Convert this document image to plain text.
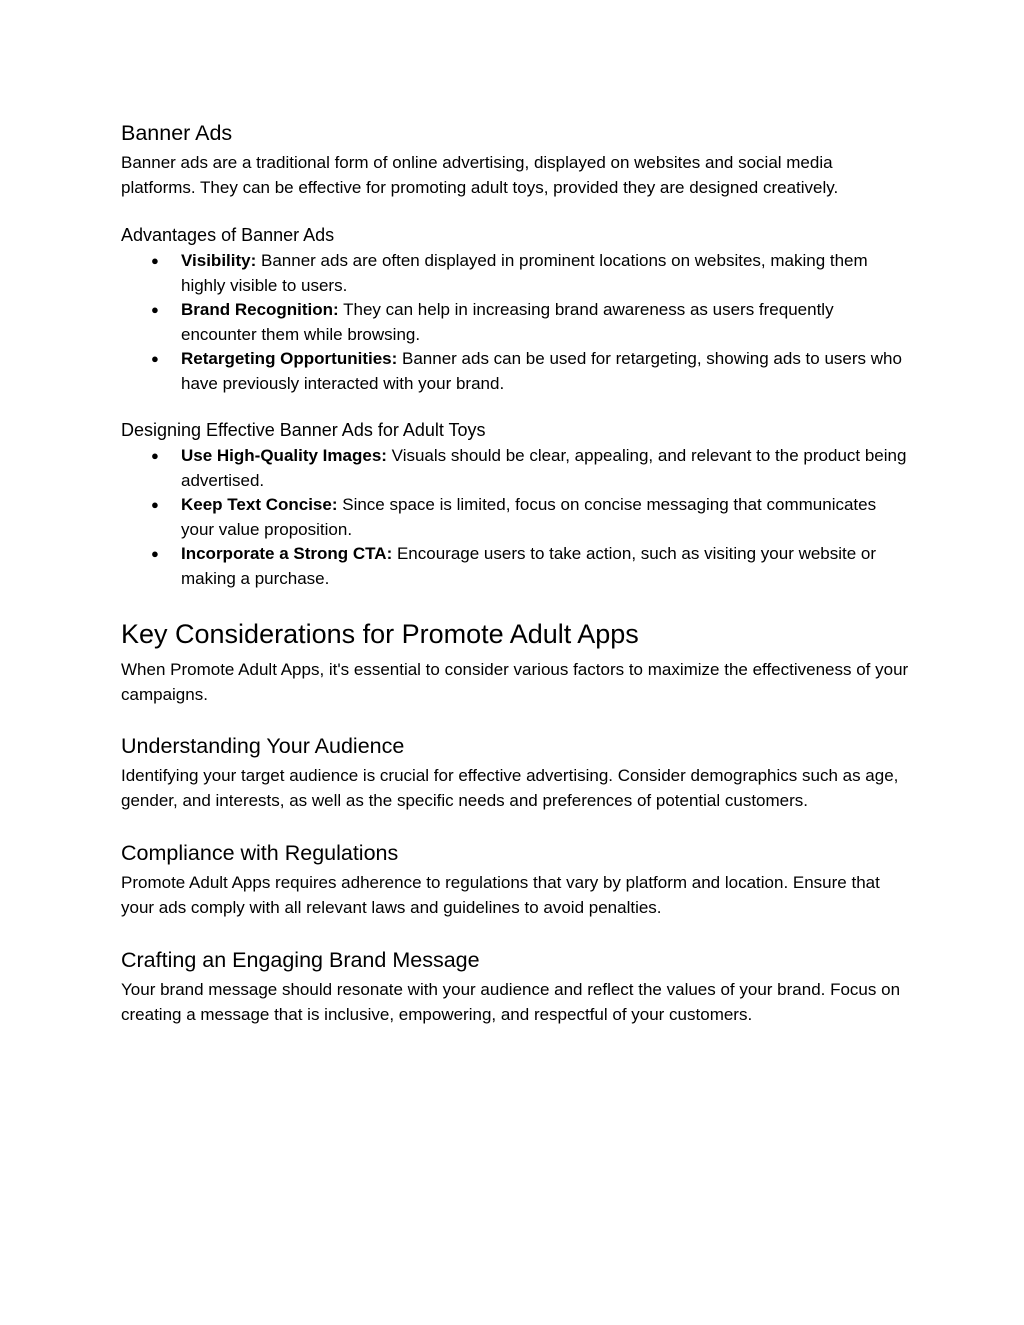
Banner Ads

Banner ads are a traditional form of online advertising, displayed on websites and social media platforms. They can be effective for promoting adult toys, provided they are designed creatively.

Advantages of Banner Ads
● Visibility: Banner ads are often displayed in prominent locations on websites, making them highly visible to users.
● Brand Recognition: They can help in increasing brand awareness as users frequently encounter them while browsing.
● Retargeting Opportunities: Banner ads can be used for retargeting, showing ads to users who have previously interacted with your brand.
Designing Effective Banner Ads for Adult Toys
● Use High-Quality Images: Visuals should be clear, appealing, and relevant to the product being advertised.
● Keep Text Concise: Since space is limited, focus on concise messaging that communicates your value proposition.
● Incorporate a Strong CTA: Encourage users to take action, such as visiting your website or making a purchase.
Key Considerations for Promote Adult Apps

When Promote Adult Apps, it's essential to consider various factors to maximize the effectiveness of your campaigns.

Understanding Your Audience

Identifying your target audience is crucial for effective advertising. Consider demographics such as age, gender, and interests, as well as the specific needs and preferences of potential customers.

Compliance with Regulations

Promote Adult Apps requires adherence to regulations that vary by platform and location. Ensure that your ads comply with all relevant laws and guidelines to avoid penalties.

Crafting an Engaging Brand Message

Your brand message should resonate with your audience and reflect the values of your brand. Focus on creating a message that is inclusive, empowering, and respectful of your customers.
